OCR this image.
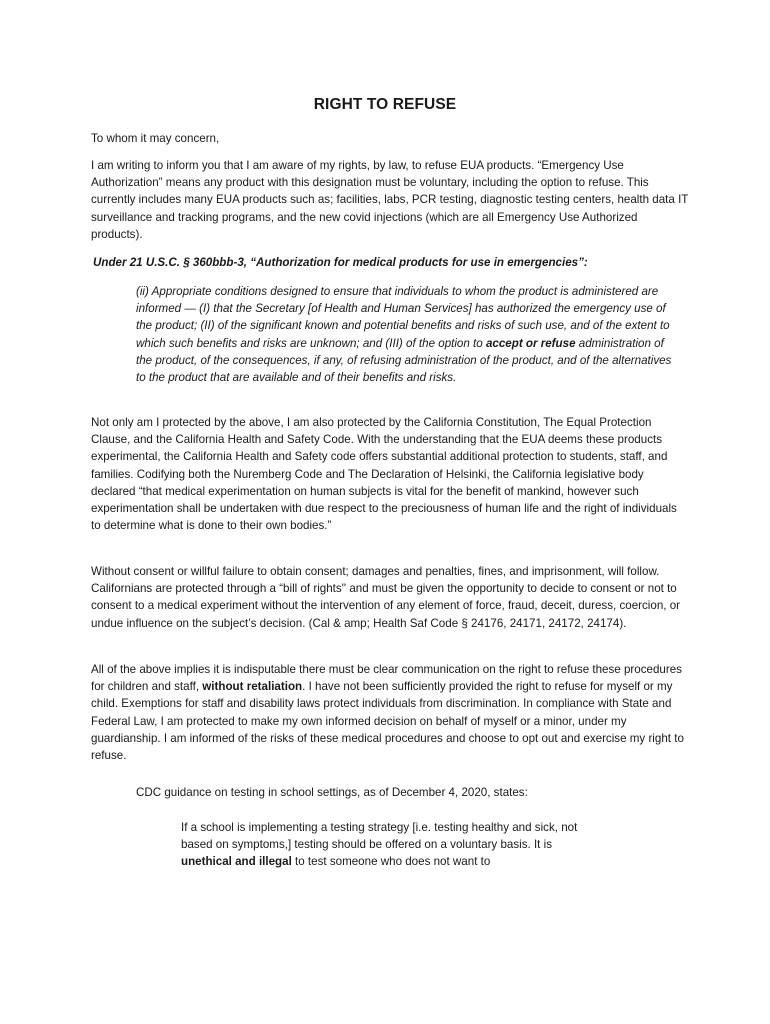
RIGHT TO REFUSE

To whom it may concern,

I am writing to inform you that I am aware of my rights, by law, to refuse EUA products. “Emergency Use Authorization” means any product with this designation must be voluntary, including the option to refuse. This currently includes many EUA products such as; facilities, labs, PCR testing, diagnostic testing centers, health data IT surveillance and tracking programs, and the new covid injections (which are all Emergency Use Authorized products).

Under 21 U.S.C. § 360bbb-3, “Authorization for medical products for use in emergencies”:

(ii) Appropriate conditions designed to ensure that individuals to whom the product is administered are informed — (I) that the Secretary [of Health and Human Services] has authorized the emergency use of the product; (II) of the significant known and potential benefits and risks of such use, and of the extent to which such benefits and risks are unknown; and (III) of the option to accept or refuse administration of the product, of the consequences, if any, of refusing administration of the product, and of the alternatives to the product that are available and of their benefits and risks.

Not only am I protected by the above, I am also protected by the California Constitution, The Equal Protection Clause, and the California Health and Safety Code. With the understanding that the EUA deems these products experimental, the California Health and Safety code offers substantial additional protection to students, staff, and families. Codifying both the Nuremberg Code and The Declaration of Helsinki, the California legislative body declared “that medical experimentation on human subjects is vital for the benefit of mankind, however such experimentation shall be undertaken with due respect to the preciousness of human life and the right of individuals to determine what is done to their own bodies.”

Without consent or willful failure to obtain consent; damages and penalties, fines, and imprisonment, will follow. Californians are protected through a “bill of rights'' and must be given the opportunity to decide to consent or not to consent to a medical experiment without the intervention of any element of force, fraud, deceit, duress, coercion, or undue influence on the subject’s decision. (Cal & amp; Health Saf Code § 24176, 24171, 24172, 24174).

All of the above implies it is indisputable there must be clear communication on the right to refuse these procedures for children and staff, without retaliation. I have not been sufficiently provided the right to refuse for myself or my child. Exemptions for staff and disability laws protect individuals from discrimination. In compliance with State and Federal Law, I am protected to make my own informed decision on behalf of myself or a minor, under my guardianship. I am informed of the risks of these medical procedures and choose to opt out and exercise my right to refuse.

CDC guidance on testing in school settings, as of December 4, 2020, states:

If a school is implementing a testing strategy [i.e. testing healthy and sick, not based on symptoms,] testing should be offered on a voluntary basis. It is unethical and illegal to test someone who does not want to
